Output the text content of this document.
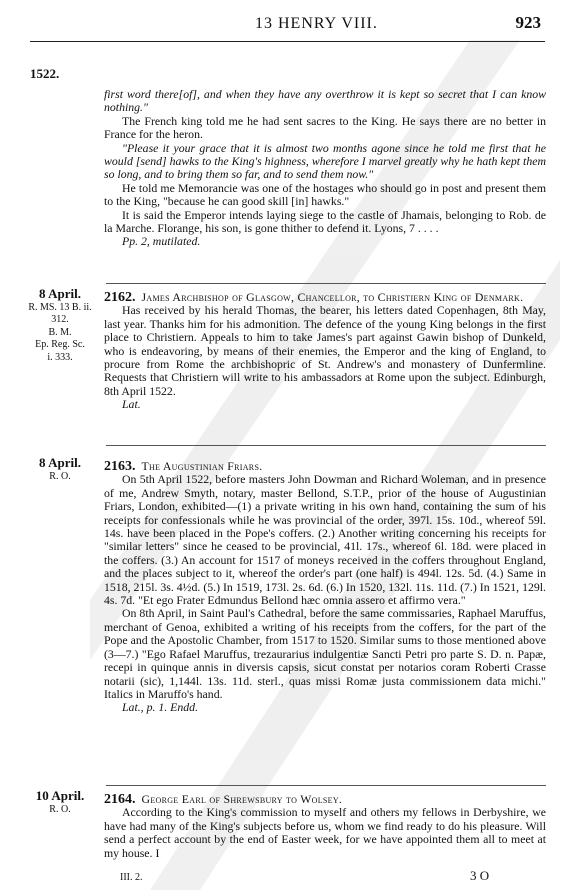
13 HENRY VIII.	923
1522.

first word there[of], and when they have any overthrow it is kept so secret that I can know nothing."

The French king told me he had sent sacres to the King. He says there are no better in France for the heron.

"Please it your grace that it is almost two months agone since he told me first that he would [send] hawks to the King's highness, wherefore I marvel greatly why he hath kept them so long, and to bring them so far, and to send them now."

He told me Memorancie was one of the hostages who should go in post and present them to the King, "because he can good skill [in] hawks."

It is said the Emperor intends laying siege to the castle of Jhamais, belonging to Rob. de la Marche. Florange, his son, is gone thither to defend it. Lyons, 7 . . . .

Pp. 2, mutilated.

8 April.
R. MS. 13 B. ii.
312.
B. M.
Ep. Reg. Sc.
i. 333.

2162. James Archbishop of Glasgow, Chancellor, to Christiern King of Denmark.

Has received by his herald Thomas, the bearer, his letters dated Copenhagen, 8th May, last year. Thanks him for his admonition. The defence of the young King belongs in the first place to Christiern. Appeals to him to take James's part against Gawin bishop of Dunkeld, who is endeavoring, by means of their enemies, the Emperor and the king of England, to procure from Rome the archbishopric of St. Andrew's and monastery of Dunfermline. Requests that Christiern will write to his ambassadors at Rome upon the subject. Edinburgh, 8th April 1522.

Lat.

8 April.
R. O.

2163. The Augustinian Friars.

On 5th April 1522, before masters John Dowman and Richard Woleman, and in presence of me, Andrew Smyth, notary, master Bellond, S.T.P., prior of the house of Augustinian Friars, London, exhibited—(1) a private writing in his own hand, containing the sum of his receipts for confessionals while he was provincial of the order, 397l. 15s. 10d., whereof 59l. 14s. have been placed in the Pope's coffers. (2.) Another writing concerning his receipts for "similar letters" since he ceased to be provincial, 41l. 17s., whereof 6l. 18d. were placed in the coffers. (3.) An account for 1517 of moneys received in the coffers throughout England, and the places subject to it, whereof the order's part (one half) is 494l. 12s. 5d. (4.) Same in 1518, 215l. 3s. 4½d. (5.) In 1519, 173l. 2s. 6d. (6.) In 1520, 132l. 11s. 11d. (7.) In 1521, 129l. 4s. 7d. "Et ego Frater Edmundus Bellond hæc omnia assero et affirmo vera."

On 8th April, in Saint Paul's Cathedral, before the same commissaries, Raphael Maruffus, merchant of Genoa, exhibited a writing of his receipts from the coffers, for the part of the Pope and the Apostolic Chamber, from 1517 to 1520. Similar sums to those mentioned above (3—7.) "Ego Rafael Maruffus, trezaurarius indulgentiæ Sancti Petri pro parte S. D. n. Papæ, recepi in quinque annis in diversis capsis, sicut constat per notarios coram Roberti Crasse notarii (sic), 1,144l. 13s. 11d. sterl., quas missi Romæ justa commissionem data michi." Italics in Maruffo's hand.

Lat., p. 1. Endd.

10 April.
R. O.

2164. George Earl of Shrewsbury to Wolsey.

According to the King's commission to myself and others my fellows in Derbyshire, we have had many of the King's subjects before us, whom we find ready to do his pleasure. Will send a perfect account by the end of Easter week, for we have appointed them all to meet at my house. I

III. 2.	3 O
